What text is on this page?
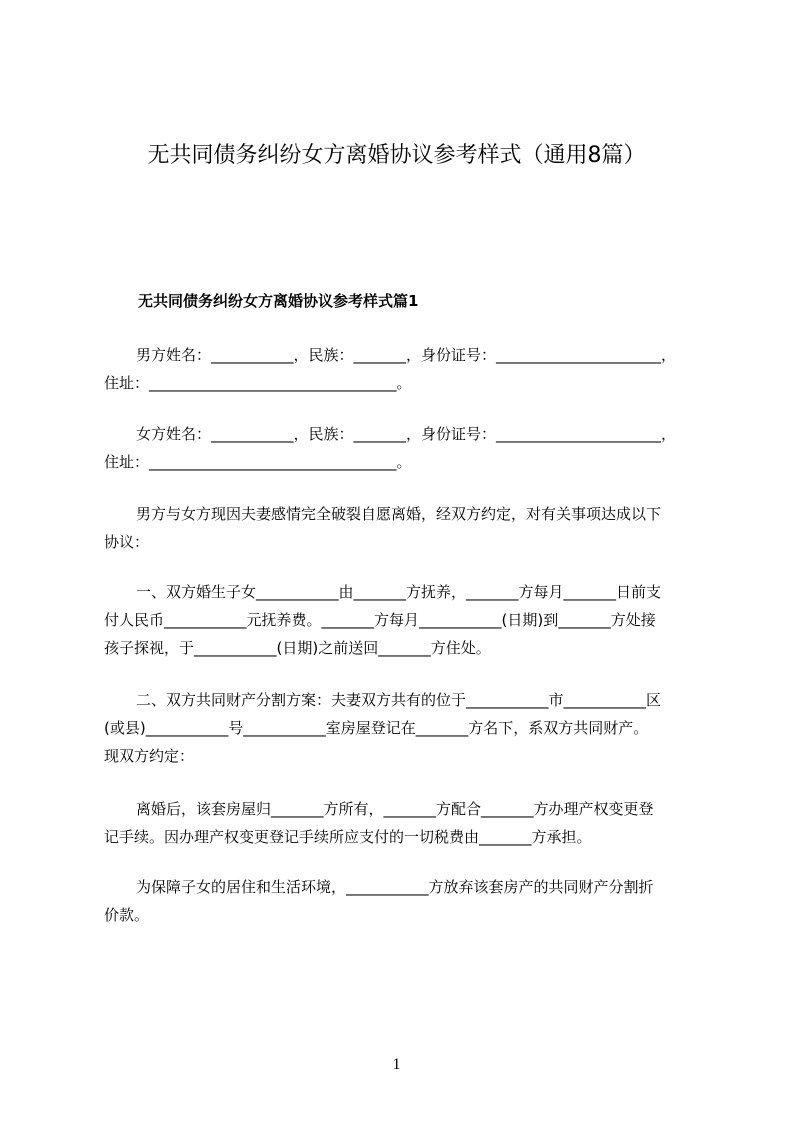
无共同债务纠纷女方离婚协议参考样式（通用8篇）
无共同债务纠纷女方离婚协议参考样式篇1
男方姓名：___________，民族：_______，身份证号：______________________，
住址：_________________________________。
女方姓名：___________，民族：_______，身份证号：______________________，
住址：_________________________________。
男方与女方现因夫妻感情完全破裂自愿离婚，经双方约定，对有关事项达成以下
协议：
一、双方婚生子女___________由_______方抚养，_______方每月_______日前支
付人民币___________元抚养费。_______方每月___________(日期)到_______方处接
孩子探视，于___________(日期)之前送回_______方住处。
二、双方共同财产分割方案：夫妻双方共有的位于___________市___________区
(或县)___________号___________室房屋登记在_______方名下，系双方共同财产。
现双方约定：
离婚后，该套房屋归_______方所有，_______方配合_______方办理产权变更登
记手续。因办理产权变更登记手续所应支付的一切税费由_______方承担。
为保障子女的居住和生活环境，___________方放弃该套房产的共同财产分割折
价款。
1
